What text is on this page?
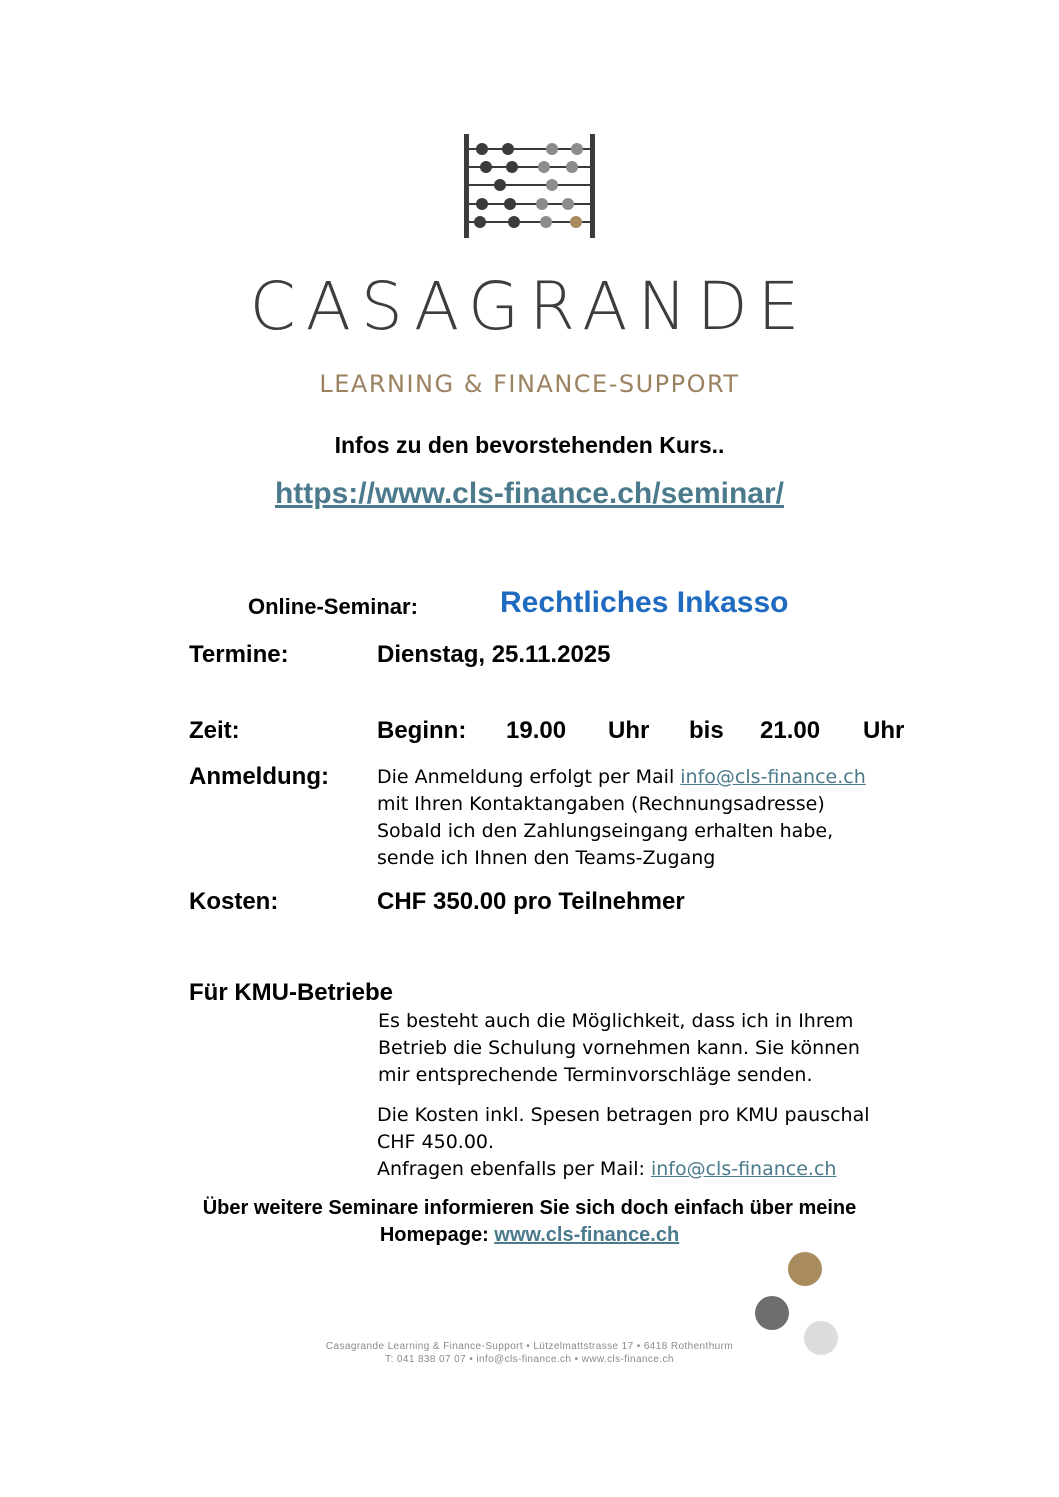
CASAGRANDE
LEARNING & FINANCE-SUPPORT
Infos zu den bevorstehenden Kurs..
https://www.cls-finance.ch/seminar/
Online-Seminar:	Rechtliches Inkasso
Termine:	Dienstag, 25.11.2025
Zeit:	Beginn: 19.00 Uhr bis 21.00 Uhr
Anmeldung:	Die Anmeldung erfolgt per Mail info@cls-finance.ch
mit Ihren Kontaktangaben (Rechnungsadresse)
Sobald ich den Zahlungseingang erhalten habe,
sende ich Ihnen den Teams-Zugang
Kosten:	CHF 350.00 pro Teilnehmer
Für KMU-Betriebe
Es besteht auch die Möglichkeit, dass ich in Ihrem
Betrieb die Schulung vornehmen kann. Sie können
mir entsprechende Terminvorschläge senden.
Die Kosten inkl. Spesen betragen pro KMU pauschal
CHF 450.00.
Anfragen ebenfalls per Mail: info@cls-finance.ch
Über weitere Seminare informieren Sie sich doch einfach über meine
Homepage: www.cls-finance.ch
Casagrande Learning & Finance-Support • Lützelmattstrasse 17 • 6418 Rothenthurm
T: 041 838 07 07 • info@cls-finance.ch • www.cls-finance.ch
